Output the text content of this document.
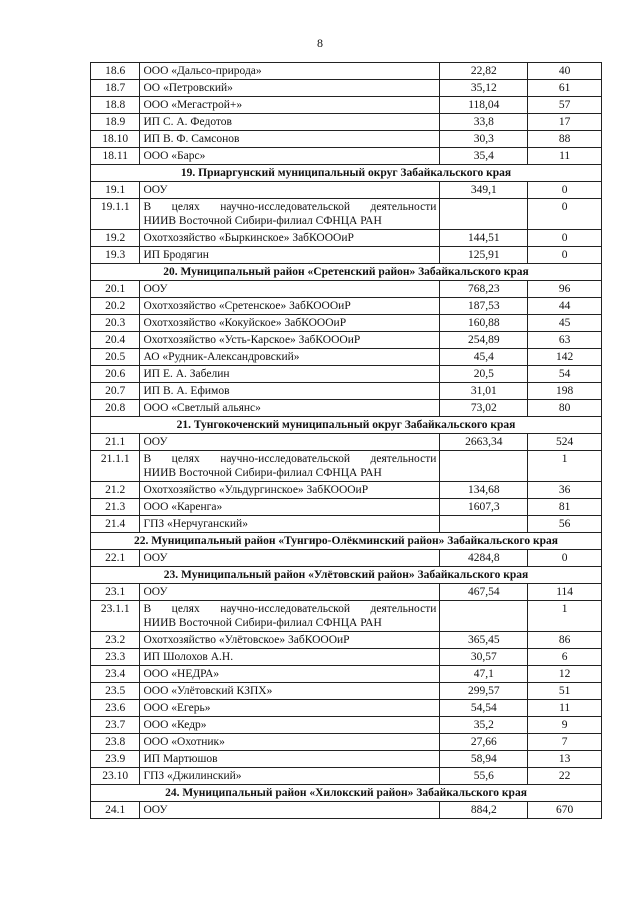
8
18.6	ООО «Дальсо-природа»	22,82	40
18.7	ОО «Петровский»	35,12	61
18.8	ООО «Мегастрой+»	118,04	57
18.9	ИП С. А. Федотов	33,8	17
18.10	ИП В. Ф. Самсонов	30,3	88
18.11	ООО «Барс»	35,4	11
19. Приаргунский муниципальный округ Забайкальского края			
19.1	ООУ	349,1	0
19.1.1	В целях научно-исследовательской деятельности
НИИВ Восточной Сибири-филиал СФНЦА РАН		0
19.2	Охотхозяйство «Быркинское» ЗабКОООиР	144,51	0
19.3	ИП Бродягин	125,91	0
20. Муниципальный район «Сретенский район» Забайкальского края			
20.1	ООУ	768,23	96
20.2	Охотхозяйство «Сретенское» ЗабКОООиР	187,53	44
20.3	Охотхозяйство «Кокуйское» ЗабКОООиР	160,88	45
20.4	Охотхозяйство «Усть-Карское» ЗабКОООиР	254,89	63
20.5	АО «Рудник-Александровский»	45,4	142
20.6	ИП Е. А. Забелин	20,5	54
20.7	ИП В. А. Ефимов	31,01	198
20.8	ООО «Светлый альянс»	73,02	80
21. Тунгокоченский муниципальный округ Забайкальского края			
21.1	ООУ	2663,34	524
21.1.1	В целях научно-исследовательской деятельности
НИИВ Восточной Сибири-филиал СФНЦА РАН		1
21.2	Охотхозяйство «Ульдургинское» ЗабКОООиР	134,68	36
21.3	ООО «Каренга»	1607,3	81
21.4	ГПЗ «Нерчуганский»		56
22. Муниципальный район «Тунгиро-Олёкминский район» Забайкальского края			
22.1	ООУ	4284,8	0
23. Муниципальный район «Улётовский район» Забайкальского края			
23.1	ООУ	467,54	114
23.1.1	В целях научно-исследовательской деятельности
НИИВ Восточной Сибири-филиал СФНЦА РАН		1
23.2	Охотхозяйство «Улётовское» ЗабКОООиР	365,45	86
23.3	ИП Шолохов А.Н.	30,57	6
23.4	ООО «НЕДРА»	47,1	12
23.5	ООО «Улётовский КЗПХ»	299,57	51
23.6	ООО «Егерь»	54,54	11
23.7	ООО «Кедр»	35,2	9
23.8	ООО «Охотник»	27,66	7
23.9	ИП Мартюшов	58,94	13
23.10	ГПЗ «Джилинский»	55,6	22
24. Муниципальный район «Хилокский район» Забайкальского края			
24.1	ООУ	884,2	670
